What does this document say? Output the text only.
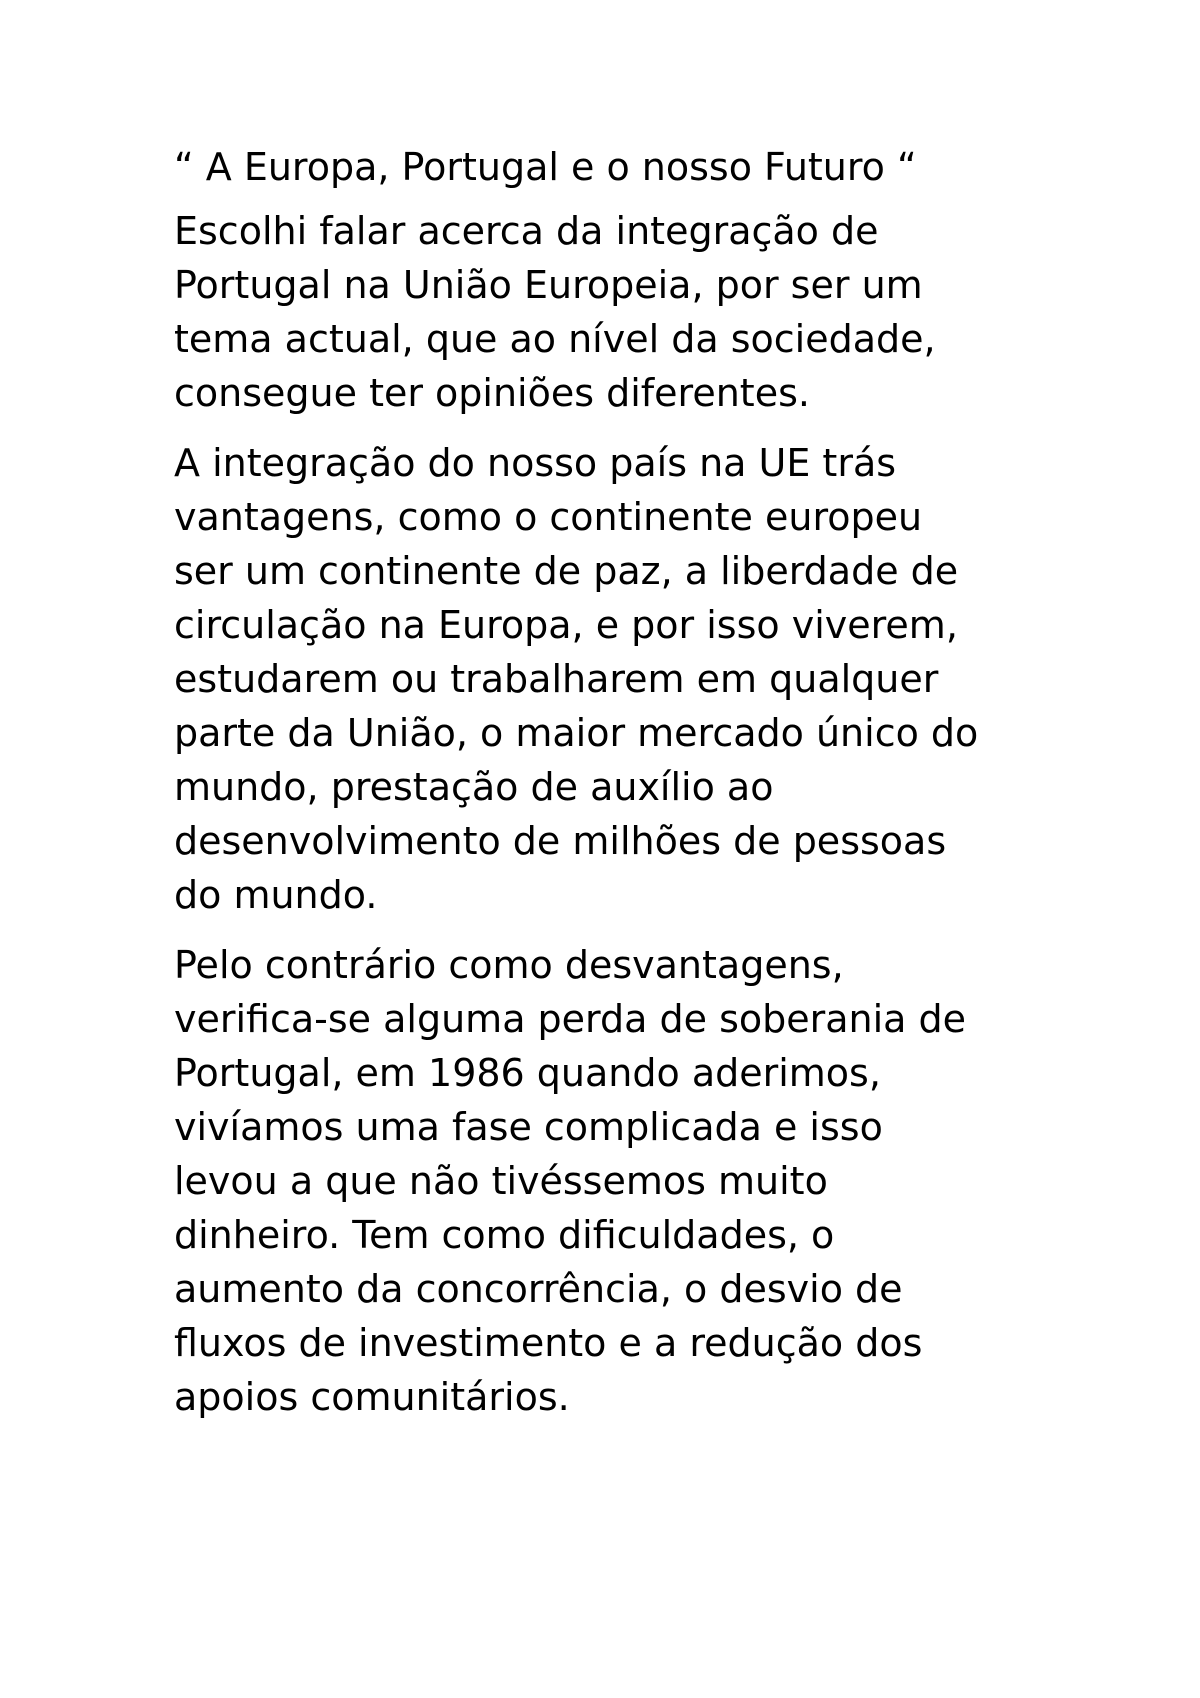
“ A Europa, Portugal e o nosso Futuro “
Escolhi falar acerca da integração de
Portugal na União Europeia, por ser um
tema actual, que ao nível da sociedade,
consegue ter opiniões diferentes.
A integração do nosso país na UE trás
vantagens, como o continente europeu
ser um continente de paz, a liberdade de
circulação na Europa, e por isso viverem,
estudarem ou trabalharem em qualquer
parte da União, o maior mercado único do
mundo, prestação de auxílio ao
desenvolvimento de milhões de pessoas
do mundo.
Pelo contrário como desvantagens,
verifica-se alguma perda de soberania de
Portugal, em 1986 quando aderimos,
vivíamos uma fase complicada e isso
levou a que não tivéssemos muito
dinheiro. Tem como dificuldades, o
aumento da concorrência, o desvio de
fluxos de investimento e a redução dos
apoios comunitários.
